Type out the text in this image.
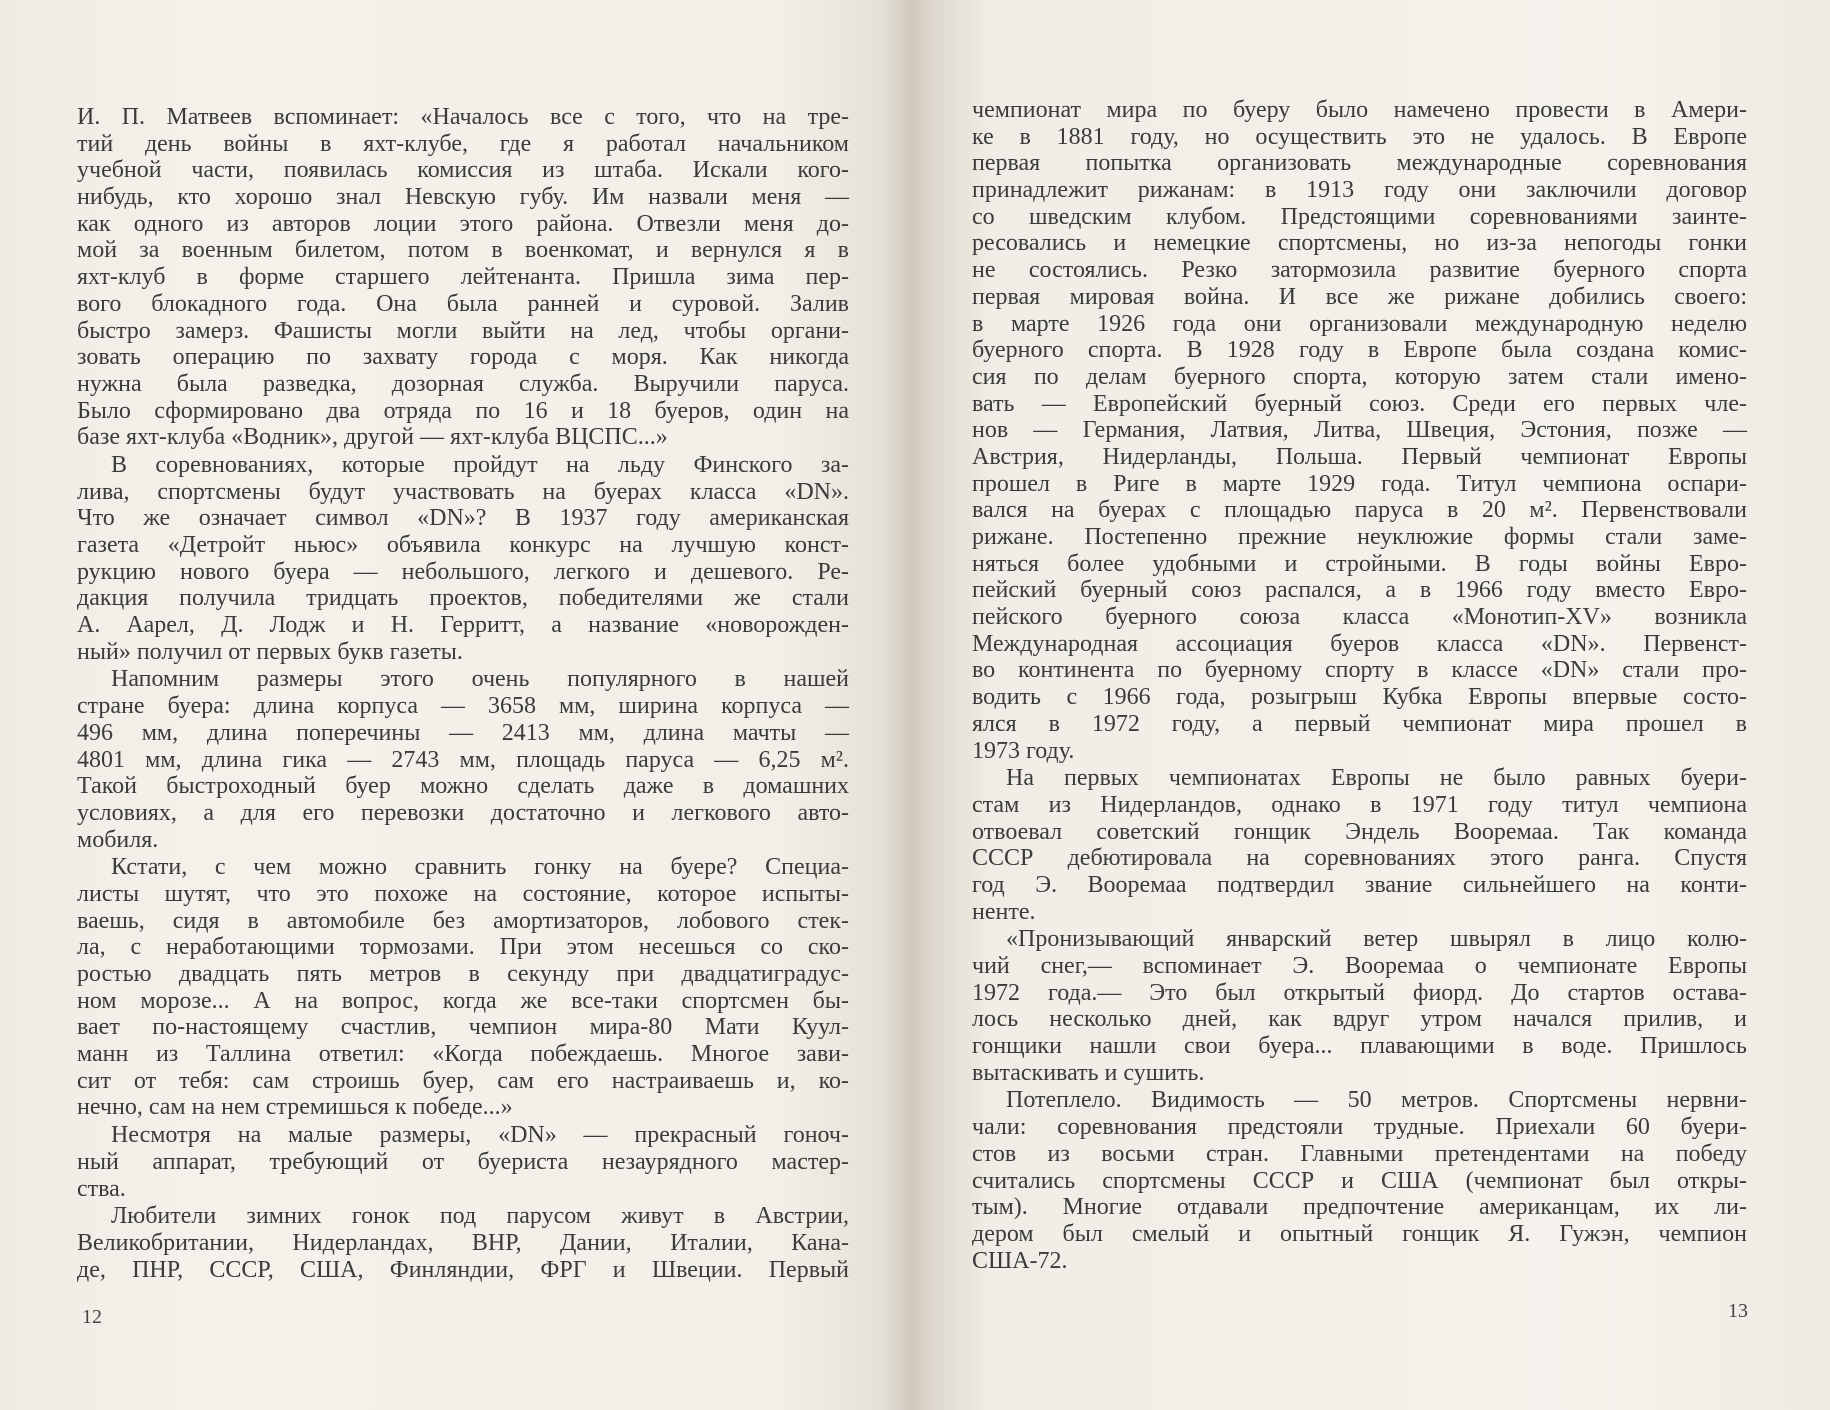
И. П. Матвеев вспоминает: «Началось все с того, что на тре-
тий день войны в яхт-клубе, где я работал начальником
учебной части, появилась комиссия из штаба. Искали кого-
нибудь, кто хорошо знал Невскую губу. Им назвали меня —
как одного из авторов лоции этого района. Отвезли меня до-
мой за военным билетом, потом в военкомат, и вернулся я в
яхт-клуб в форме старшего лейтенанта. Пришла зима пер-
вого блокадного года. Она была ранней и суровой. Залив
быстро замерз. Фашисты могли выйти на лед, чтобы органи-
зовать операцию по захвату города с моря. Как никогда
нужна была разведка, дозорная служба. Выручили паруса.
Было сформировано два отряда по 16 и 18 буеров, один на
базе яхт-клуба «Водник», другой — яхт-клуба ВЦСПС...»
В соревнованиях, которые пройдут на льду Финского за-
лива, спортсмены будут участвовать на буерах класса «DN».
Что же означает символ «DN»? В 1937 году американская
газета «Детройт ньюс» объявила конкурс на лучшую конст-
рукцию нового буера — небольшого, легкого и дешевого. Ре-
дакция получила тридцать проектов, победителями же стали
А. Аарел, Д. Лодж и Н. Герритт, а название «новорожден-
ный» получил от первых букв газеты.
Напомним размеры этого очень популярного в нашей
стране буера: длина корпуса — 3658 мм, ширина корпуса —
496 мм, длина поперечины — 2413 мм, длина мачты —
4801 мм, длина гика — 2743 мм, площадь паруса — 6,25 м².
Такой быстроходный буер можно сделать даже в домашних
условиях, а для его перевозки достаточно и легкового авто-
мобиля.
Кстати, с чем можно сравнить гонку на буере? Специа-
листы шутят, что это похоже на состояние, которое испыты-
ваешь, сидя в автомобиле без амортизаторов, лобового стек-
ла, с неработающими тормозами. При этом несешься со ско-
ростью двадцать пять метров в секунду при двадцатиградус-
ном морозе... А на вопрос, когда же все-таки спортсмен бы-
вает по-настоящему счастлив, чемпион мира-80 Мати Куул-
манн из Таллина ответил: «Когда побеждаешь. Многое зави-
сит от тебя: сам строишь буер, сам его настраиваешь и, ко-
нечно, сам на нем стремишься к победе...»
Несмотря на малые размеры, «DN» — прекрасный гоноч-
ный аппарат, требующий от буериста незаурядного мастер-
ства.
Любители зимних гонок под парусом живут в Австрии,
Великобритании, Нидерландах, ВНР, Дании, Италии, Кана-
де, ПНР, СССР, США, Финляндии, ФРГ и Швеции. Первый
12
чемпионат мира по буеру было намечено провести в Амери-
ке в 1881 году, но осуществить это не удалось. В Европе
первая попытка организовать международные соревнования
принадлежит рижанам: в 1913 году они заключили договор
со шведским клубом. Предстоящими соревнованиями заинте-
ресовались и немецкие спортсмены, но из-за непогоды гонки
не состоялись. Резко затормозила развитие буерного спорта
первая мировая война. И все же рижане добились своего:
в марте 1926 года они организовали международную неделю
буерного спорта. В 1928 году в Европе была создана комис-
сия по делам буерного спорта, которую затем стали имено-
вать — Европейский буерный союз. Среди его первых чле-
нов — Германия, Латвия, Литва, Швеция, Эстония, позже —
Австрия, Нидерланды, Польша. Первый чемпионат Европы
прошел в Риге в марте 1929 года. Титул чемпиона оспари-
вался на буерах с площадью паруса в 20 м². Первенствовали
рижане. Постепенно прежние неуклюжие формы стали заме-
няться более удобными и стройными. В годы войны Евро-
пейский буерный союз распался, а в 1966 году вместо Евро-
пейского буерного союза класса «Монотип-XV» возникла
Международная ассоциация буеров класса «DN». Первенст-
во континента по буерному спорту в классе «DN» стали про-
водить с 1966 года, розыгрыш Кубка Европы впервые состо-
ялся в 1972 году, а первый чемпионат мира прошел в
1973 году.
На первых чемпионатах Европы не было равных буери-
стам из Нидерландов, однако в 1971 году титул чемпиона
отвоевал советский гонщик Эндель Вооремаа. Так команда
СССР дебютировала на соревнованиях этого ранга. Спустя
год Э. Вооремаа подтвердил звание сильнейшего на конти-
ненте.
«Пронизывающий январский ветер швырял в лицо колю-
чий снег,— вспоминает Э. Вооремаа о чемпионате Европы
1972 года.— Это был открытый фиорд. До стартов остава-
лось несколько дней, как вдруг утром начался прилив, и
гонщики нашли свои буера... плавающими в воде. Пришлось
вытаскивать и сушить.
Потеплело. Видимость — 50 метров. Спортсмены нервни-
чали: соревнования предстояли трудные. Приехали 60 буери-
стов из восьми стран. Главными претендентами на победу
считались спортсмены СССР и США (чемпионат был откры-
тым). Многие отдавали предпочтение американцам, их ли-
дером был смелый и опытный гонщик Я. Гужэн, чемпион
США-72.
13
